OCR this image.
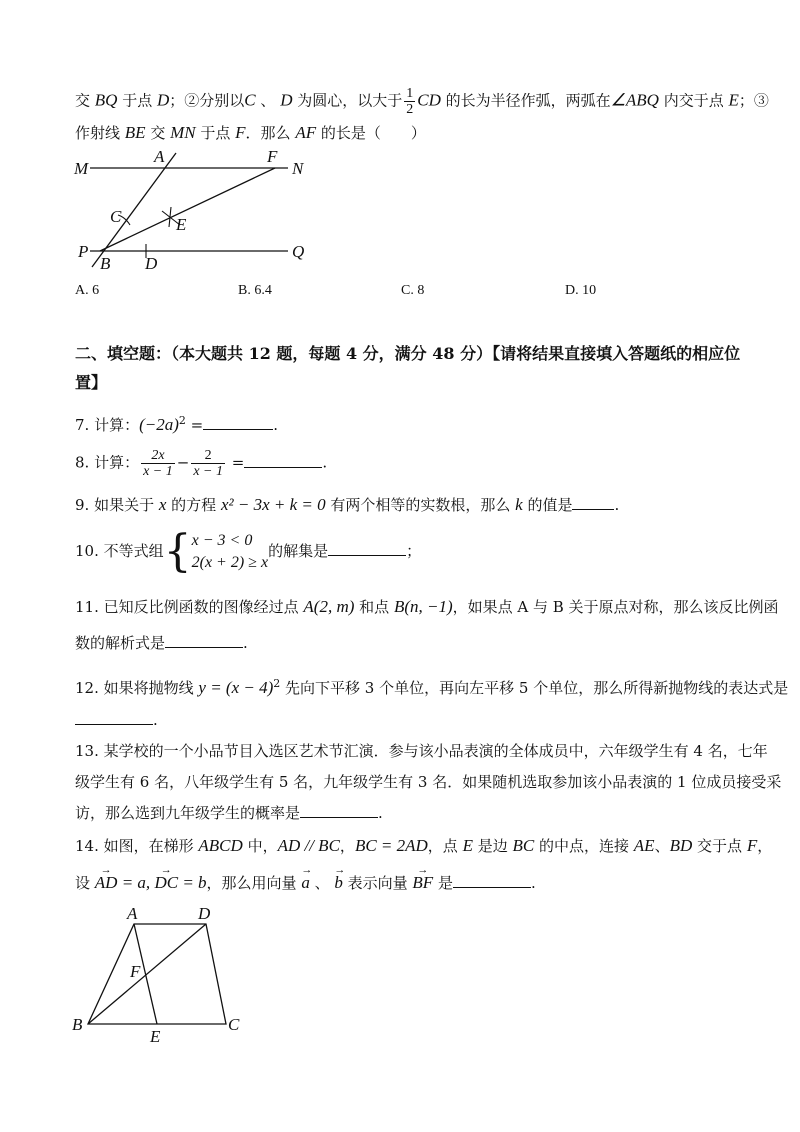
交 BQ 于点 D；②分别以C 、 D 为圆心，以大于 $\frac{1}{2}$ CD 的长为半径作弧，两弧在∠ABQ 内交于点 E；③
作射线 BE 交 MN 于点 F．那么 AF 的长是（　　）
M
A	F
N
C	E
P
B D
Q
A. 6	B. 6.4	C. 8	D. 10
二、填空题：（本大题共 12 题，每题 4 分，满分 48 分）【请将结果直接填入答题纸的相应位
置】
7. 计算：$(-2a)^2$ =	.
8. 计算： $\frac{2x}{x - 1} - \frac{2}{x - 1}$ =	.
9. 如果关于 x 的方程 x² − 3x + k = 0 有两个相等的实数根，那么 k 的值是	.
10. 不等式组{ x − 3 < 0
2(x + 2) ≥ x
的解集是	；
11. 已知反比例函数的图像经过点 A(2, m) 和点 B(n, −1)，如果点 A 与 B 关于原点对称，那么该反比例函
数的解析式是	.
12. 如果将抛物线 $y = (x - 4)^2$ 先向下平移 3 个单位，再向左平移 5 个单位，那么所得新抛物线的表达式是
.
13. 某学校的一个小品节目入选区艺术节汇演．参与该小品表演的全体成员中，六年级学生有 4 名，七年
级学生有 6 名，八年级学生有 5 名，九年级学生有 3 名．如果随机选取参加该小品表演的 1 位成员接受采
访，那么选到九年级学生的概率是	.
14. 如图，在梯形 ABCD 中，AD // BC，BC = 2AD，点 E 是边 BC 的中点，连接 AE、BD 交于点 F，
设 → AD = a, → DC = b，那么用向量 → a 、 → b 表示向量 → BF 是	.
A	D
F
B
E
C
